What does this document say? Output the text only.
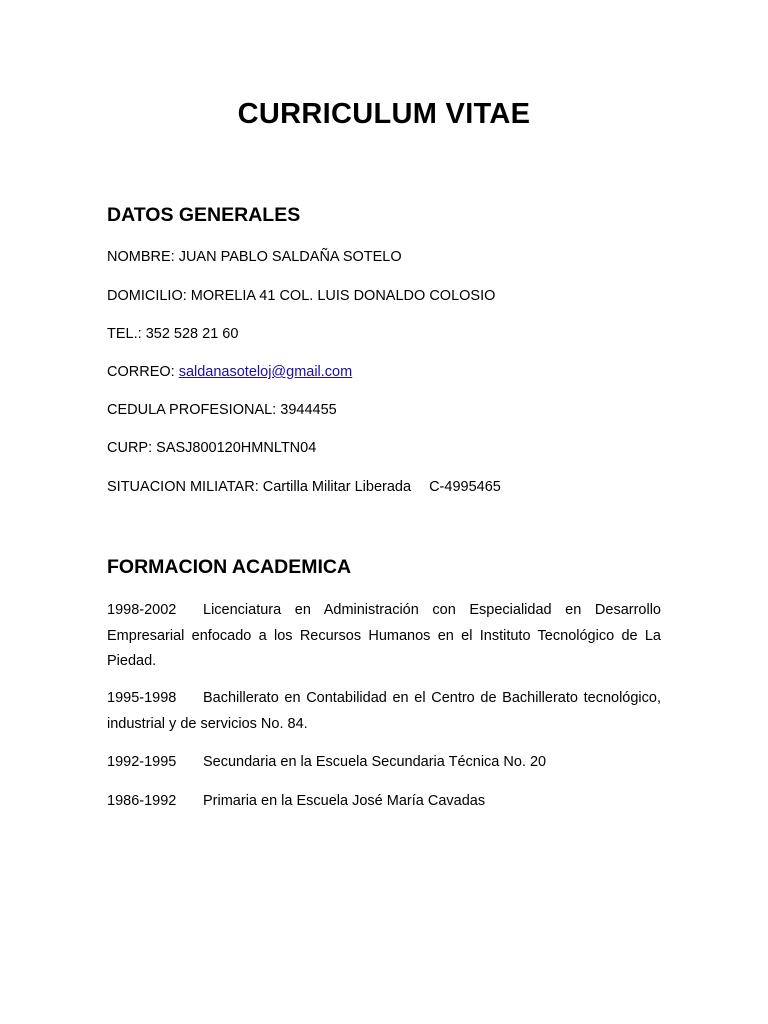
CURRICULUM VITAE
DATOS GENERALES

NOMBRE: JUAN PABLO SALDAÑA SOTELO

DOMICILIO: MORELIA 41 COL. LUIS DONALDO COLOSIO

TEL.: 352 528 21 60

CORREO: saldanasotelоj@gmail.com

CEDULA PROFESIONAL: 3944455

CURP: SASJ800120HMNLTN04

SITUACION MILIATAR: Cartilla Militar Liberada C-4995465

FORMACION ACADEMICA

1998-2002 Licenciatura en Administración con Especialidad en Desarrollo Empresarial enfocado a los Recursos Humanos en el Instituto Tecnológico de La Piedad.

1995-1998 Bachillerato en Contabilidad en el Centro de Bachillerato tecnológico, industrial y de servicios No. 84.

1992-1995 Secundaria en la Escuela Secundaria Técnica No. 20

1986-1992 Primaria en la Escuela José María Cavadas
